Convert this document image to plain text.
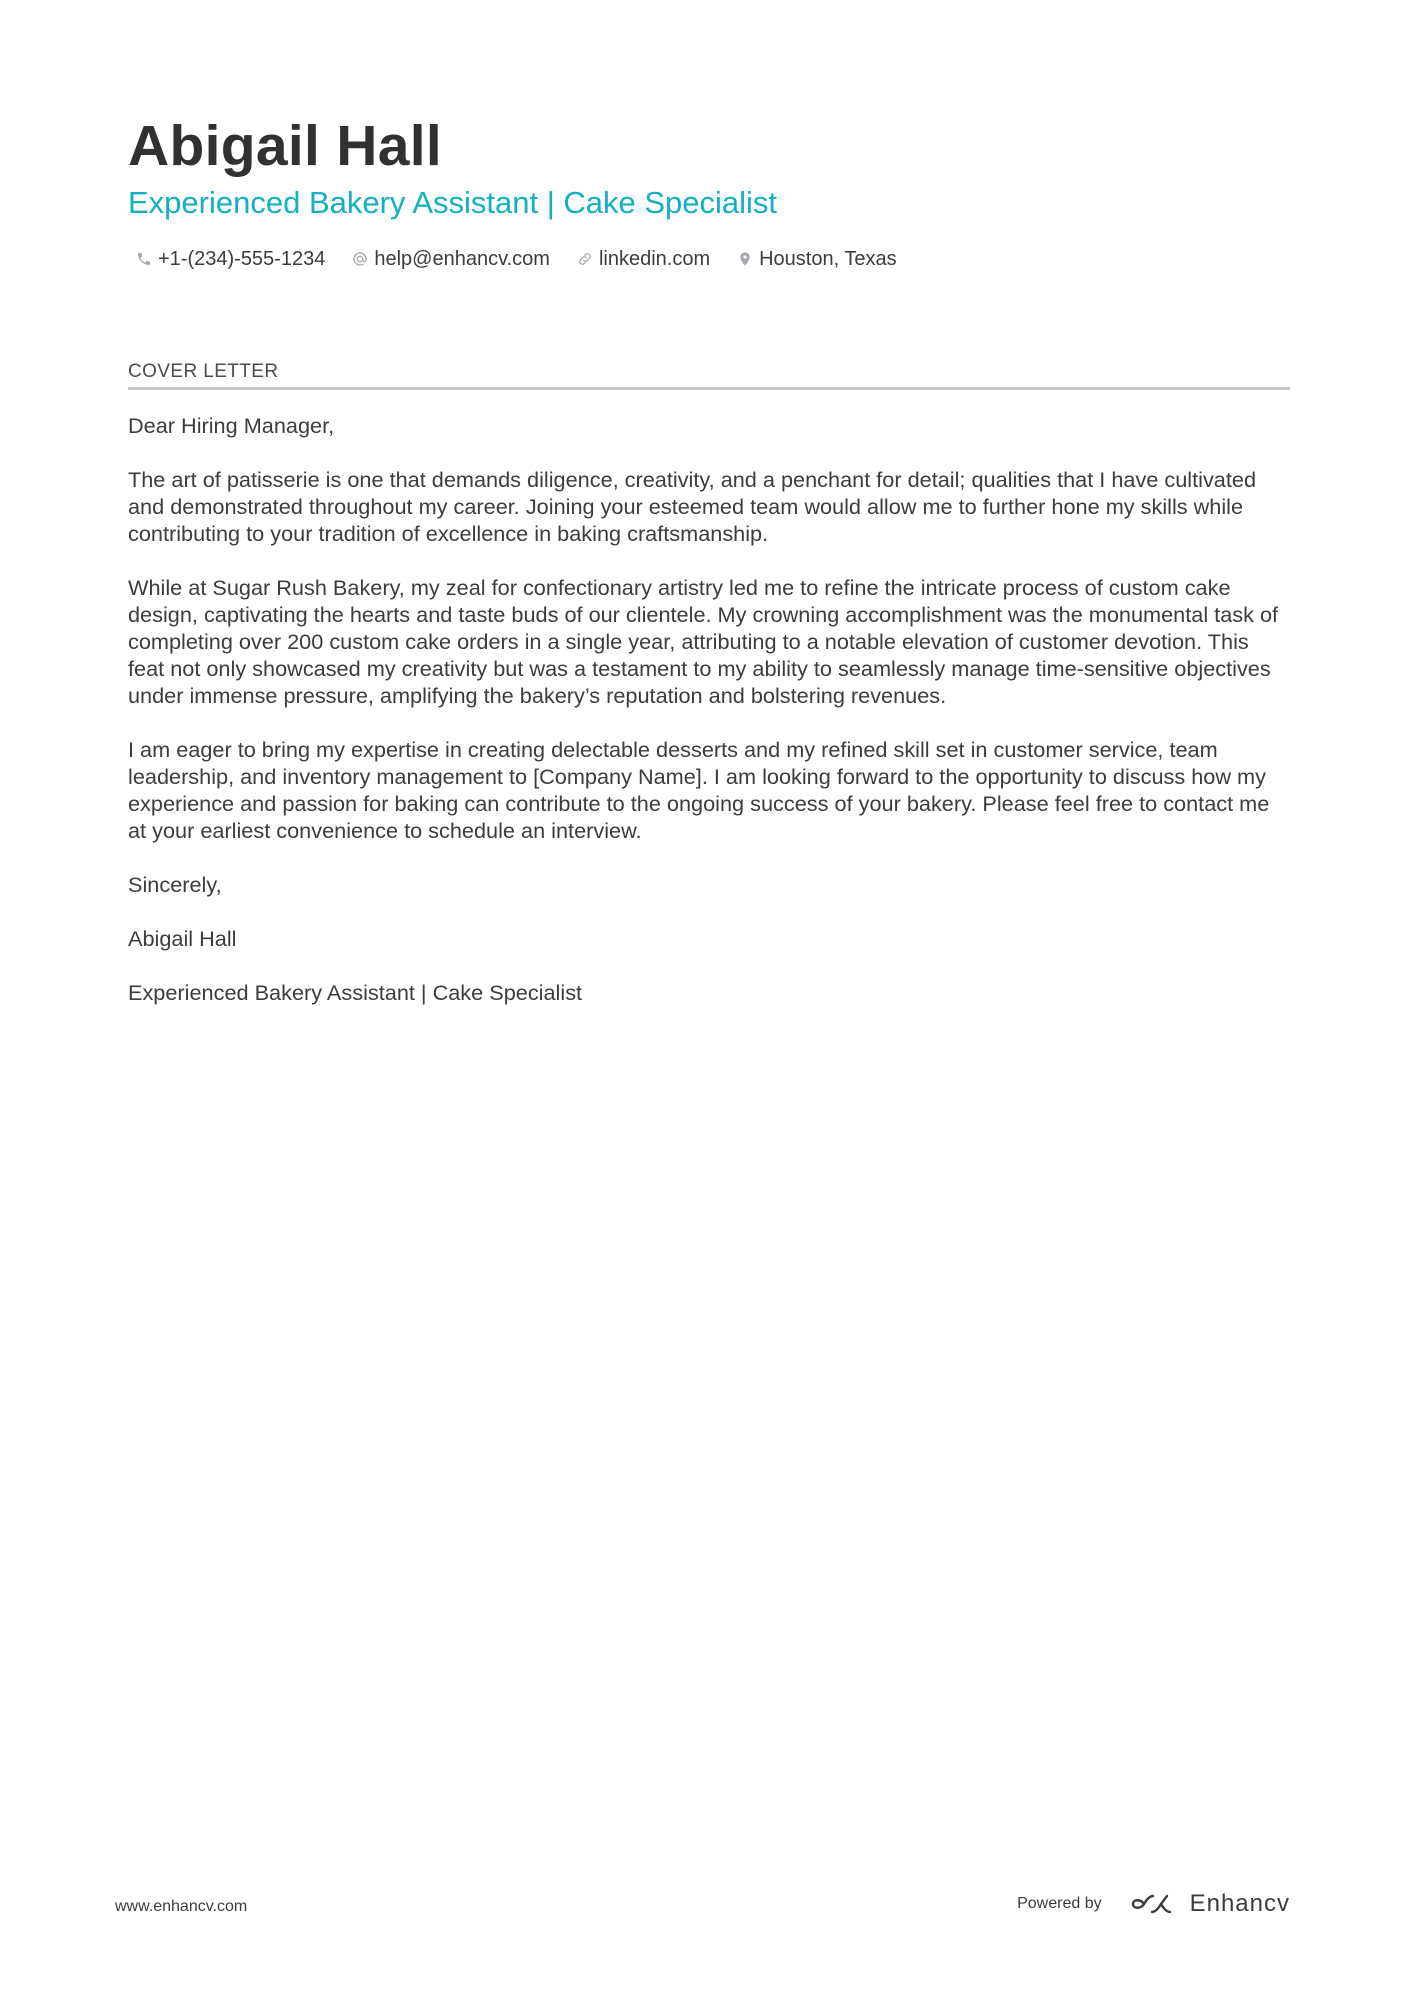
Abigail Hall
Experienced Bakery Assistant | Cake Specialist
+1-(234)-555-1234 help@enhancv.com linkedin.com Houston, Texas
COVER LETTER

Dear Hiring Manager,

The art of patisserie is one that demands diligence, creativity, and a penchant for detail; qualities that I have cultivated and demonstrated throughout my career. Joining your esteemed team would allow me to further hone my skills while contributing to your tradition of excellence in baking craftsmanship.

While at Sugar Rush Bakery, my zeal for confectionary artistry led me to refine the intricate process of custom cake design, captivating the hearts and taste buds of our clientele. My crowning accomplishment was the monumental task of completing over 200 custom cake orders in a single year, attributing to a notable elevation of customer devotion. This feat not only showcased my creativity but was a testament to my ability to seamlessly manage time-sensitive objectives under immense pressure, amplifying the bakery’s reputation and bolstering revenues.

I am eager to bring my expertise in creating delectable desserts and my refined skill set in customer service, team leadership, and inventory management to [Company Name]. I am looking forward to the opportunity to discuss how my experience and passion for baking can contribute to the ongoing success of your bakery. Please feel free to contact me at your earliest convenience to schedule an interview.

Sincerely,

Abigail Hall

Experienced Bakery Assistant | Cake Specialist

www.enhancv.com	Powered by	Enhancv
